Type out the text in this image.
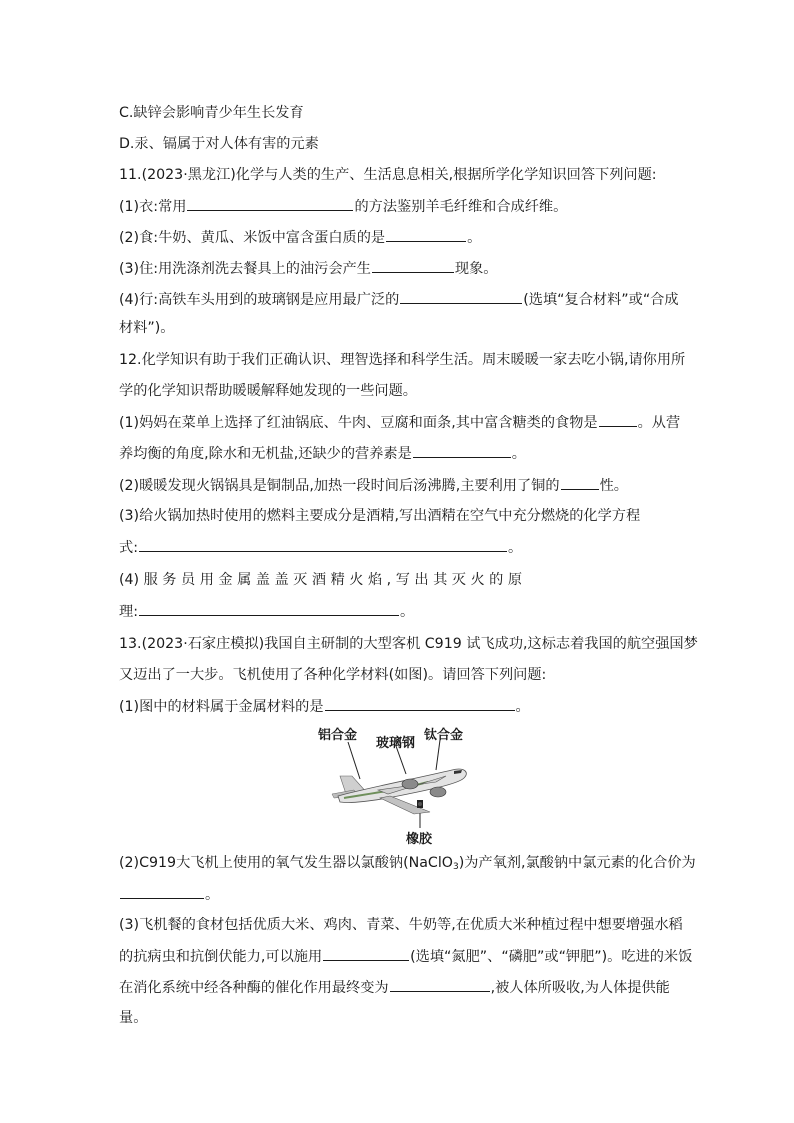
C.缺锌会影响青少年生长发育
D.汞、镉属于对人体有害的元素
11.(2023·黑龙江)化学与人类的生产、生活息息相关,根据所学化学知识回答下列问题:
(1)衣:常用	的方法鉴别羊毛纤维和合成纤维。
(2)食:牛奶、黄瓜、米饭中富含蛋白质的是	。
(3)住:用洗涤剂洗去餐具上的油污会产生	现象。
(4)行:高铁车头用到的玻璃钢是应用最广泛的	(选填“复合材料”或“合成
材料”)。
12.化学知识有助于我们正确认识、理智选择和科学生活。周末暖暖一家去吃小锅,请你用所
学的化学知识帮助暖暖解释她发现的一些问题。
(1)妈妈在菜单上选择了红油锅底、牛肉、豆腐和面条,其中富含糖类的食物是	。从营
养均衡的角度,除水和无机盐,还缺少的营养素是	。
(2)暖暖发现火锅锅具是铜制品,加热一段时间后汤沸腾,主要利用了铜的	性。
(3)给火锅加热时使用的燃料主要成分是酒精,写出酒精在空气中充分燃烧的化学方程
式:	。
(4) 服 务 员 用 金 属 盖 盖 灭 酒 精 火 焰 , 写 出 其 灭 火 的 原
理:	。
13.(2023·石家庄模拟)我国自主研制的大型客机 C919 试飞成功,这标志着我国的航空强国梦
又迈出了一大步。飞机使用了各种化学材料(如图)。请回答下列问题:
(1)图中的材料属于金属材料的是	。
铝合金
玻璃钢
钛合金
橡胶
(2)C919大飞机上使用的氧气发生器以氯酸钠(NaClO$_3$)为产氧剂,氯酸钠中氯元素的化合价为
。
(3)飞机餐的食材包括优质大米、鸡肉、青菜、牛奶等,在优质大米种植过程中想要增强水稻
的抗病虫和抗倒伏能力,可以施用	(选填“氮肥”、“磷肥”或“钾肥”)。吃进的米饭
在消化系统中经各种酶的催化作用最终变为	,被人体所吸收,为人体提供能
量。
